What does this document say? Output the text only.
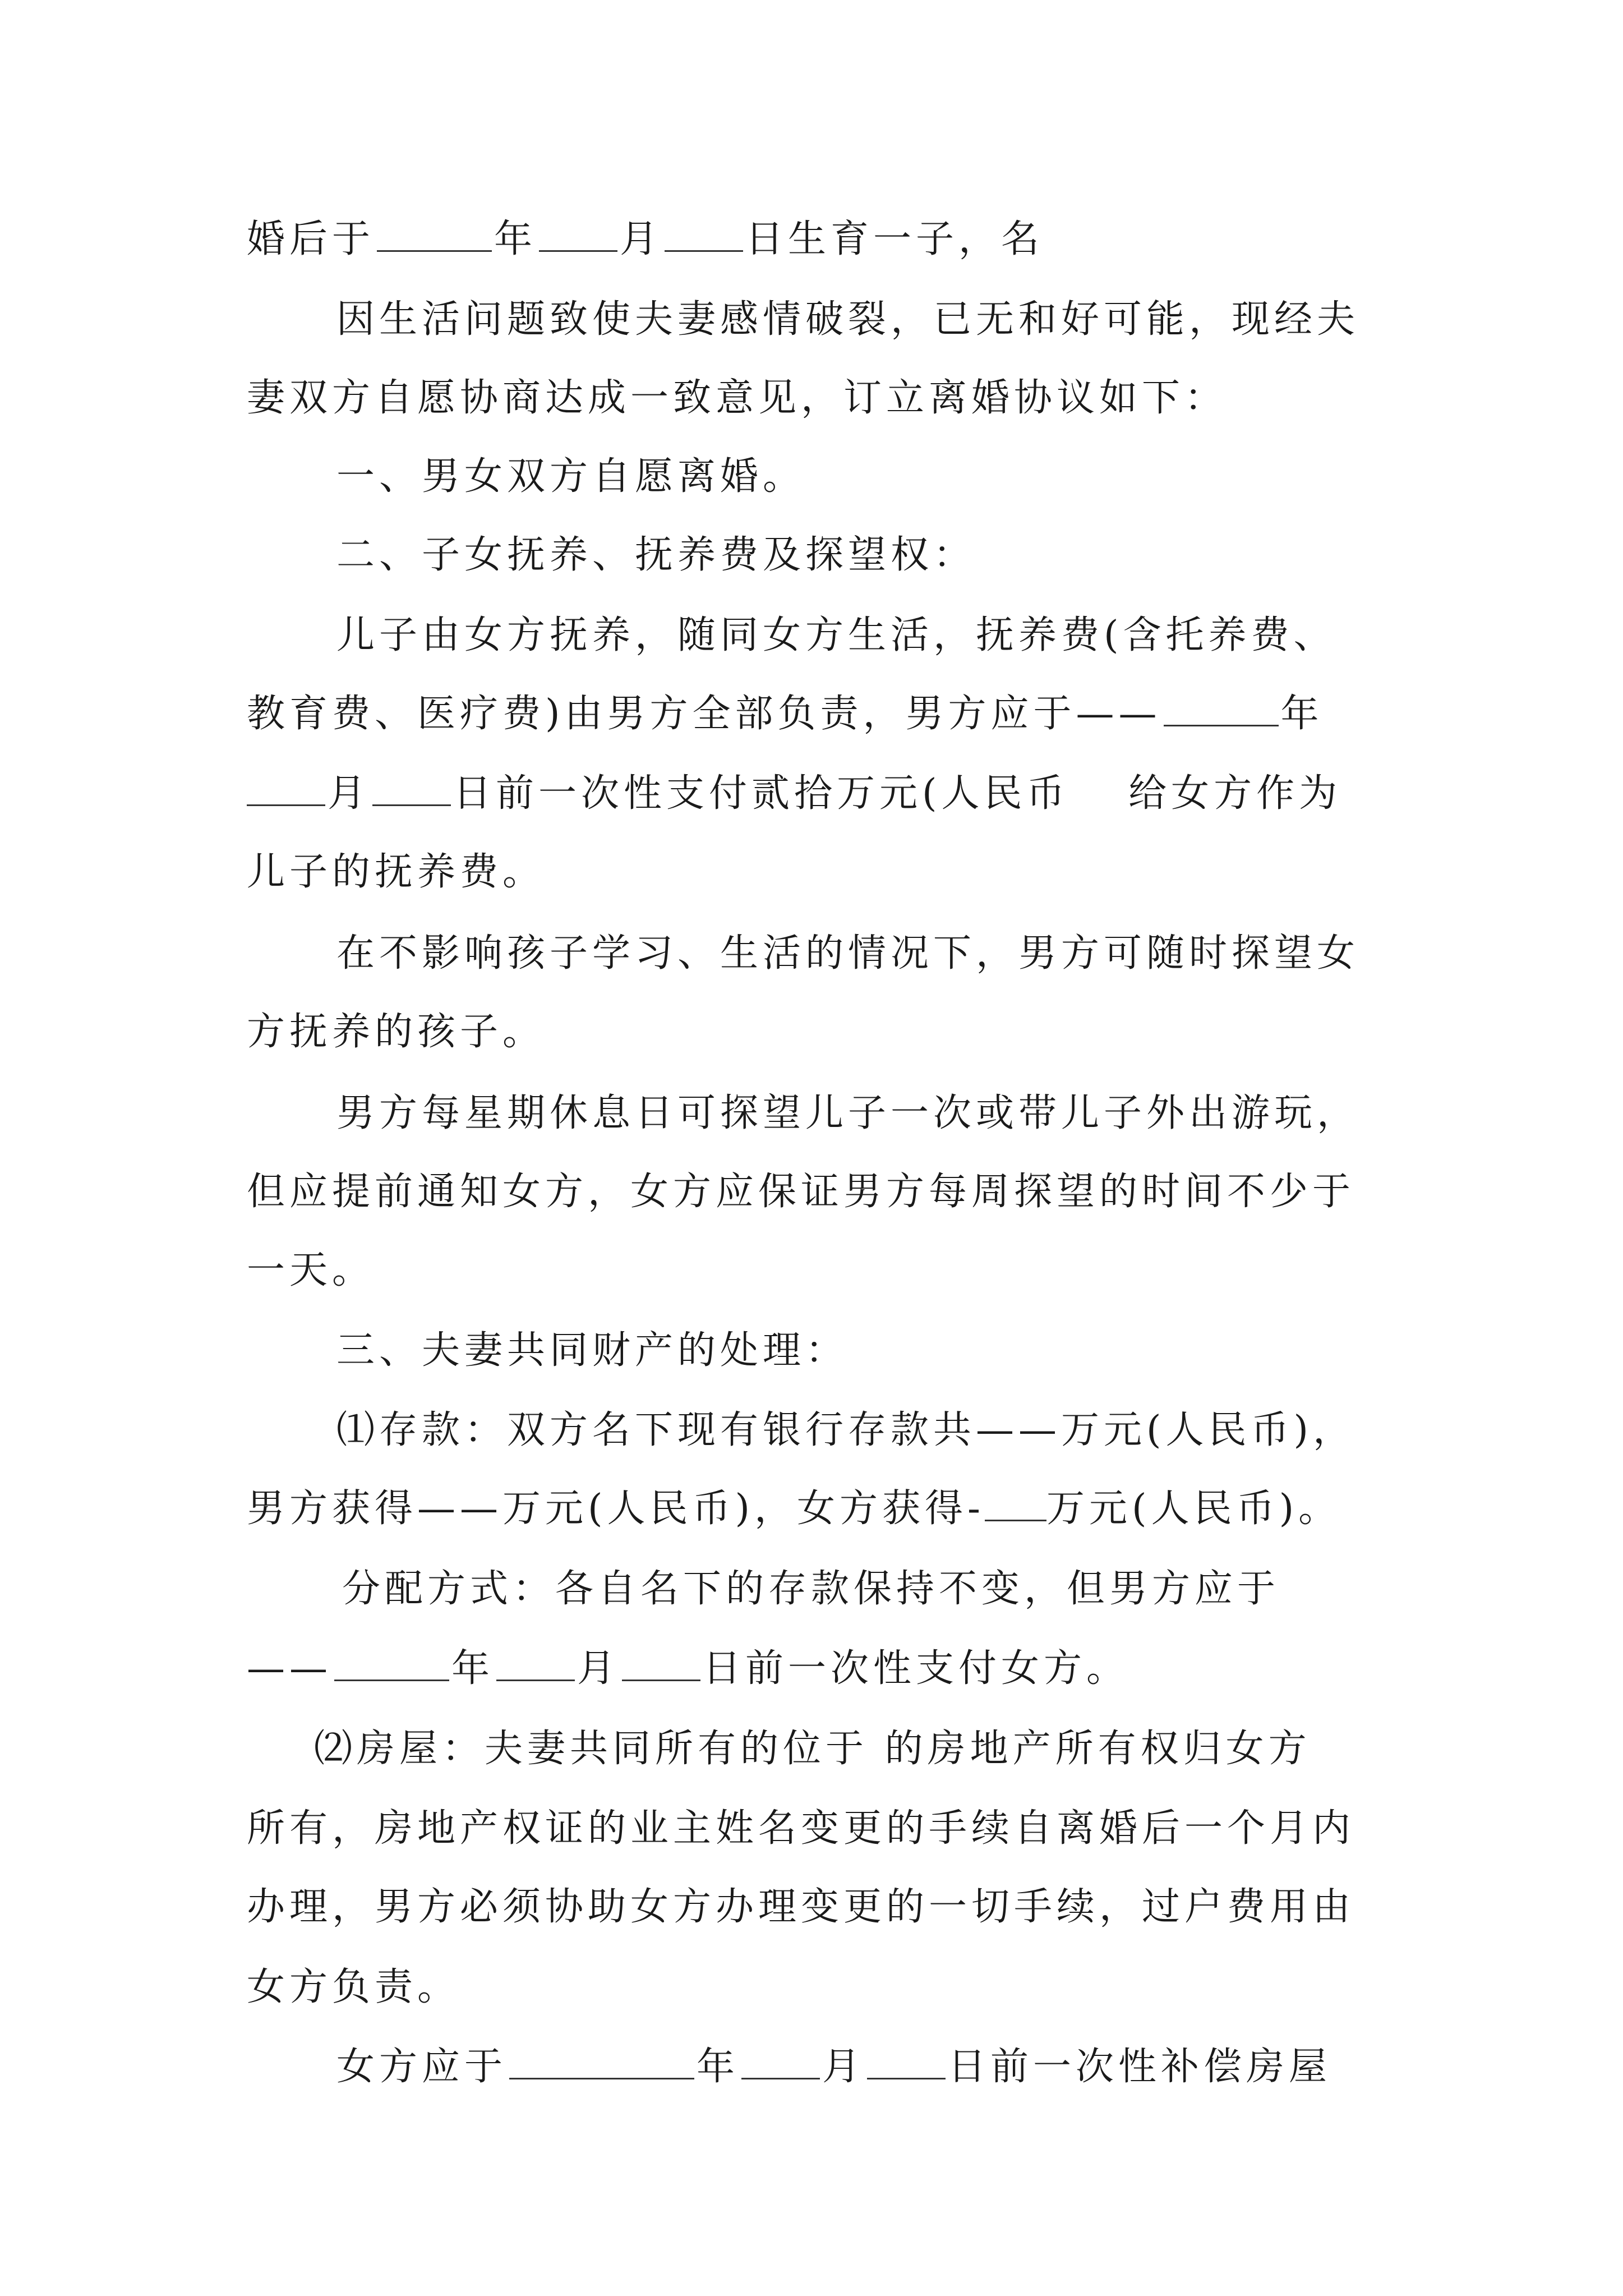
婚后于	年 月 日生育一子，名
因生活问题致使夫妻感情破裂，已无和好可能，现经夫
妻双方自愿协商达成一致意见，订立离婚协议如下：
一、男女双方自愿离婚。
二、子女抚养、抚养费及探望权：
儿子由女方抚养，随同女方生活，抚养费(含托养费、
教育费、医疗费)由男方全部负责，男方应于——	年
月 日前一次性支付贰拾万元(人民币　 给女方作为
儿子的抚养费。
在不影响孩子学习、生活的情况下，男方可随时探望女
方抚养的孩子。
男方每星期休息日可探望儿子一次或带儿子外出游玩，
但应提前通知女方，女方应保证男方每周探望的时间不少于
一天。
三、夫妻共同财产的处理：
⑴存款：双方名下现有银行存款共——万元(人民币)，
男方获得——万元(人民币)，女方获得- 万元(人民币)。
分配方式：各自名下的存款保持不变，但男方应于
——	年 月 日前一次性支付女方。
⑵房屋：夫妻共同所有的位于 的房地产所有权归女方
所有，房地产权证的业主姓名变更的手续自离婚后一个月内
办理，男方必须协助女方办理变更的一切手续，过户费用由
女方负责。
女方应于	年 月 日前一次性补偿房屋
